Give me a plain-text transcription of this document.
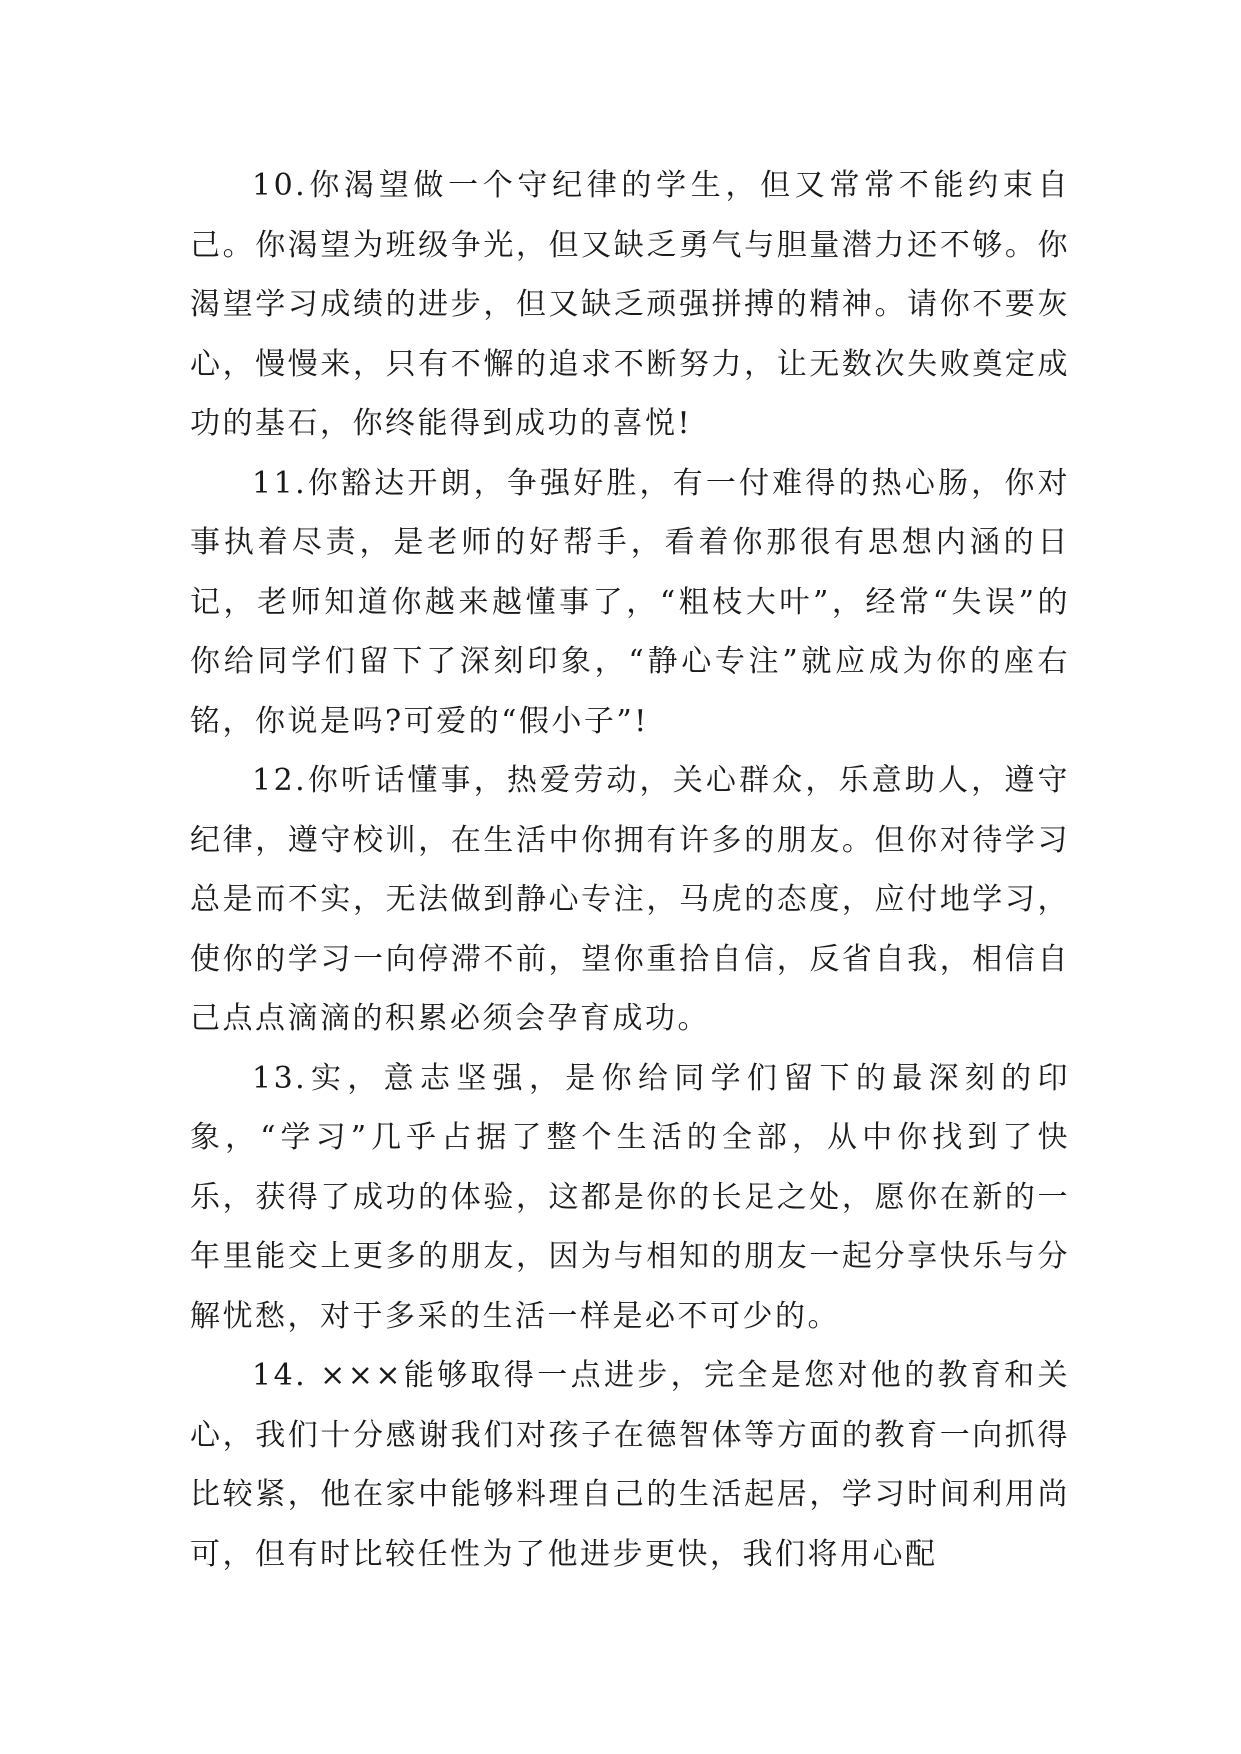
10.你渴望做一个守纪律的学生，但又常常不能约束自己。你渴望为班级争光，但又缺乏勇气与胆量潜力还不够。你渴望学习成绩的进步，但又缺乏顽强拼搏的精神。请你不要灰心，慢慢来，只有不懈的追求不断努力，让无数次失败奠定成功的基石，你终能得到成功的喜悦!

11.你豁达开朗，争强好胜，有一付难得的热心肠，你对事执着尽责，是老师的好帮手，看着你那很有思想内涵的日记，老师知道你越来越懂事了，“粗枝大叶”，经常“失误”的你给同学们留下了深刻印象，“静心专注”就应成为你的座右铭，你说是吗?可爱的“假小子”!

12.你听话懂事，热爱劳动，关心群众，乐意助人，遵守纪律，遵守校训，在生活中你拥有许多的朋友。但你对待学习总是而不实，无法做到静心专注，马虎的态度，应付地学习，使你的学习一向停滞不前，望你重拾自信，反省自我，相信自己点点滴滴的积累必须会孕育成功。

13.实，意志坚强，是你给同学们留下的最深刻的印象，“学习”几乎占据了整个生活的全部，从中你找到了快乐，获得了成功的体验，这都是你的长足之处，愿你在新的一年里能交上更多的朋友，因为与相知的朋友一起分享快乐与分解忧愁，对于多采的生活一样是必不可少的。

14. ×××能够取得一点进步，完全是您对他的教育和关心，我们十分感谢我们对孩子在德智体等方面的教育一向抓得比较紧，他在家中能够料理自己的生活起居，学习时间利用尚可，但有时比较任性为了他进步更快，我们将用心配
